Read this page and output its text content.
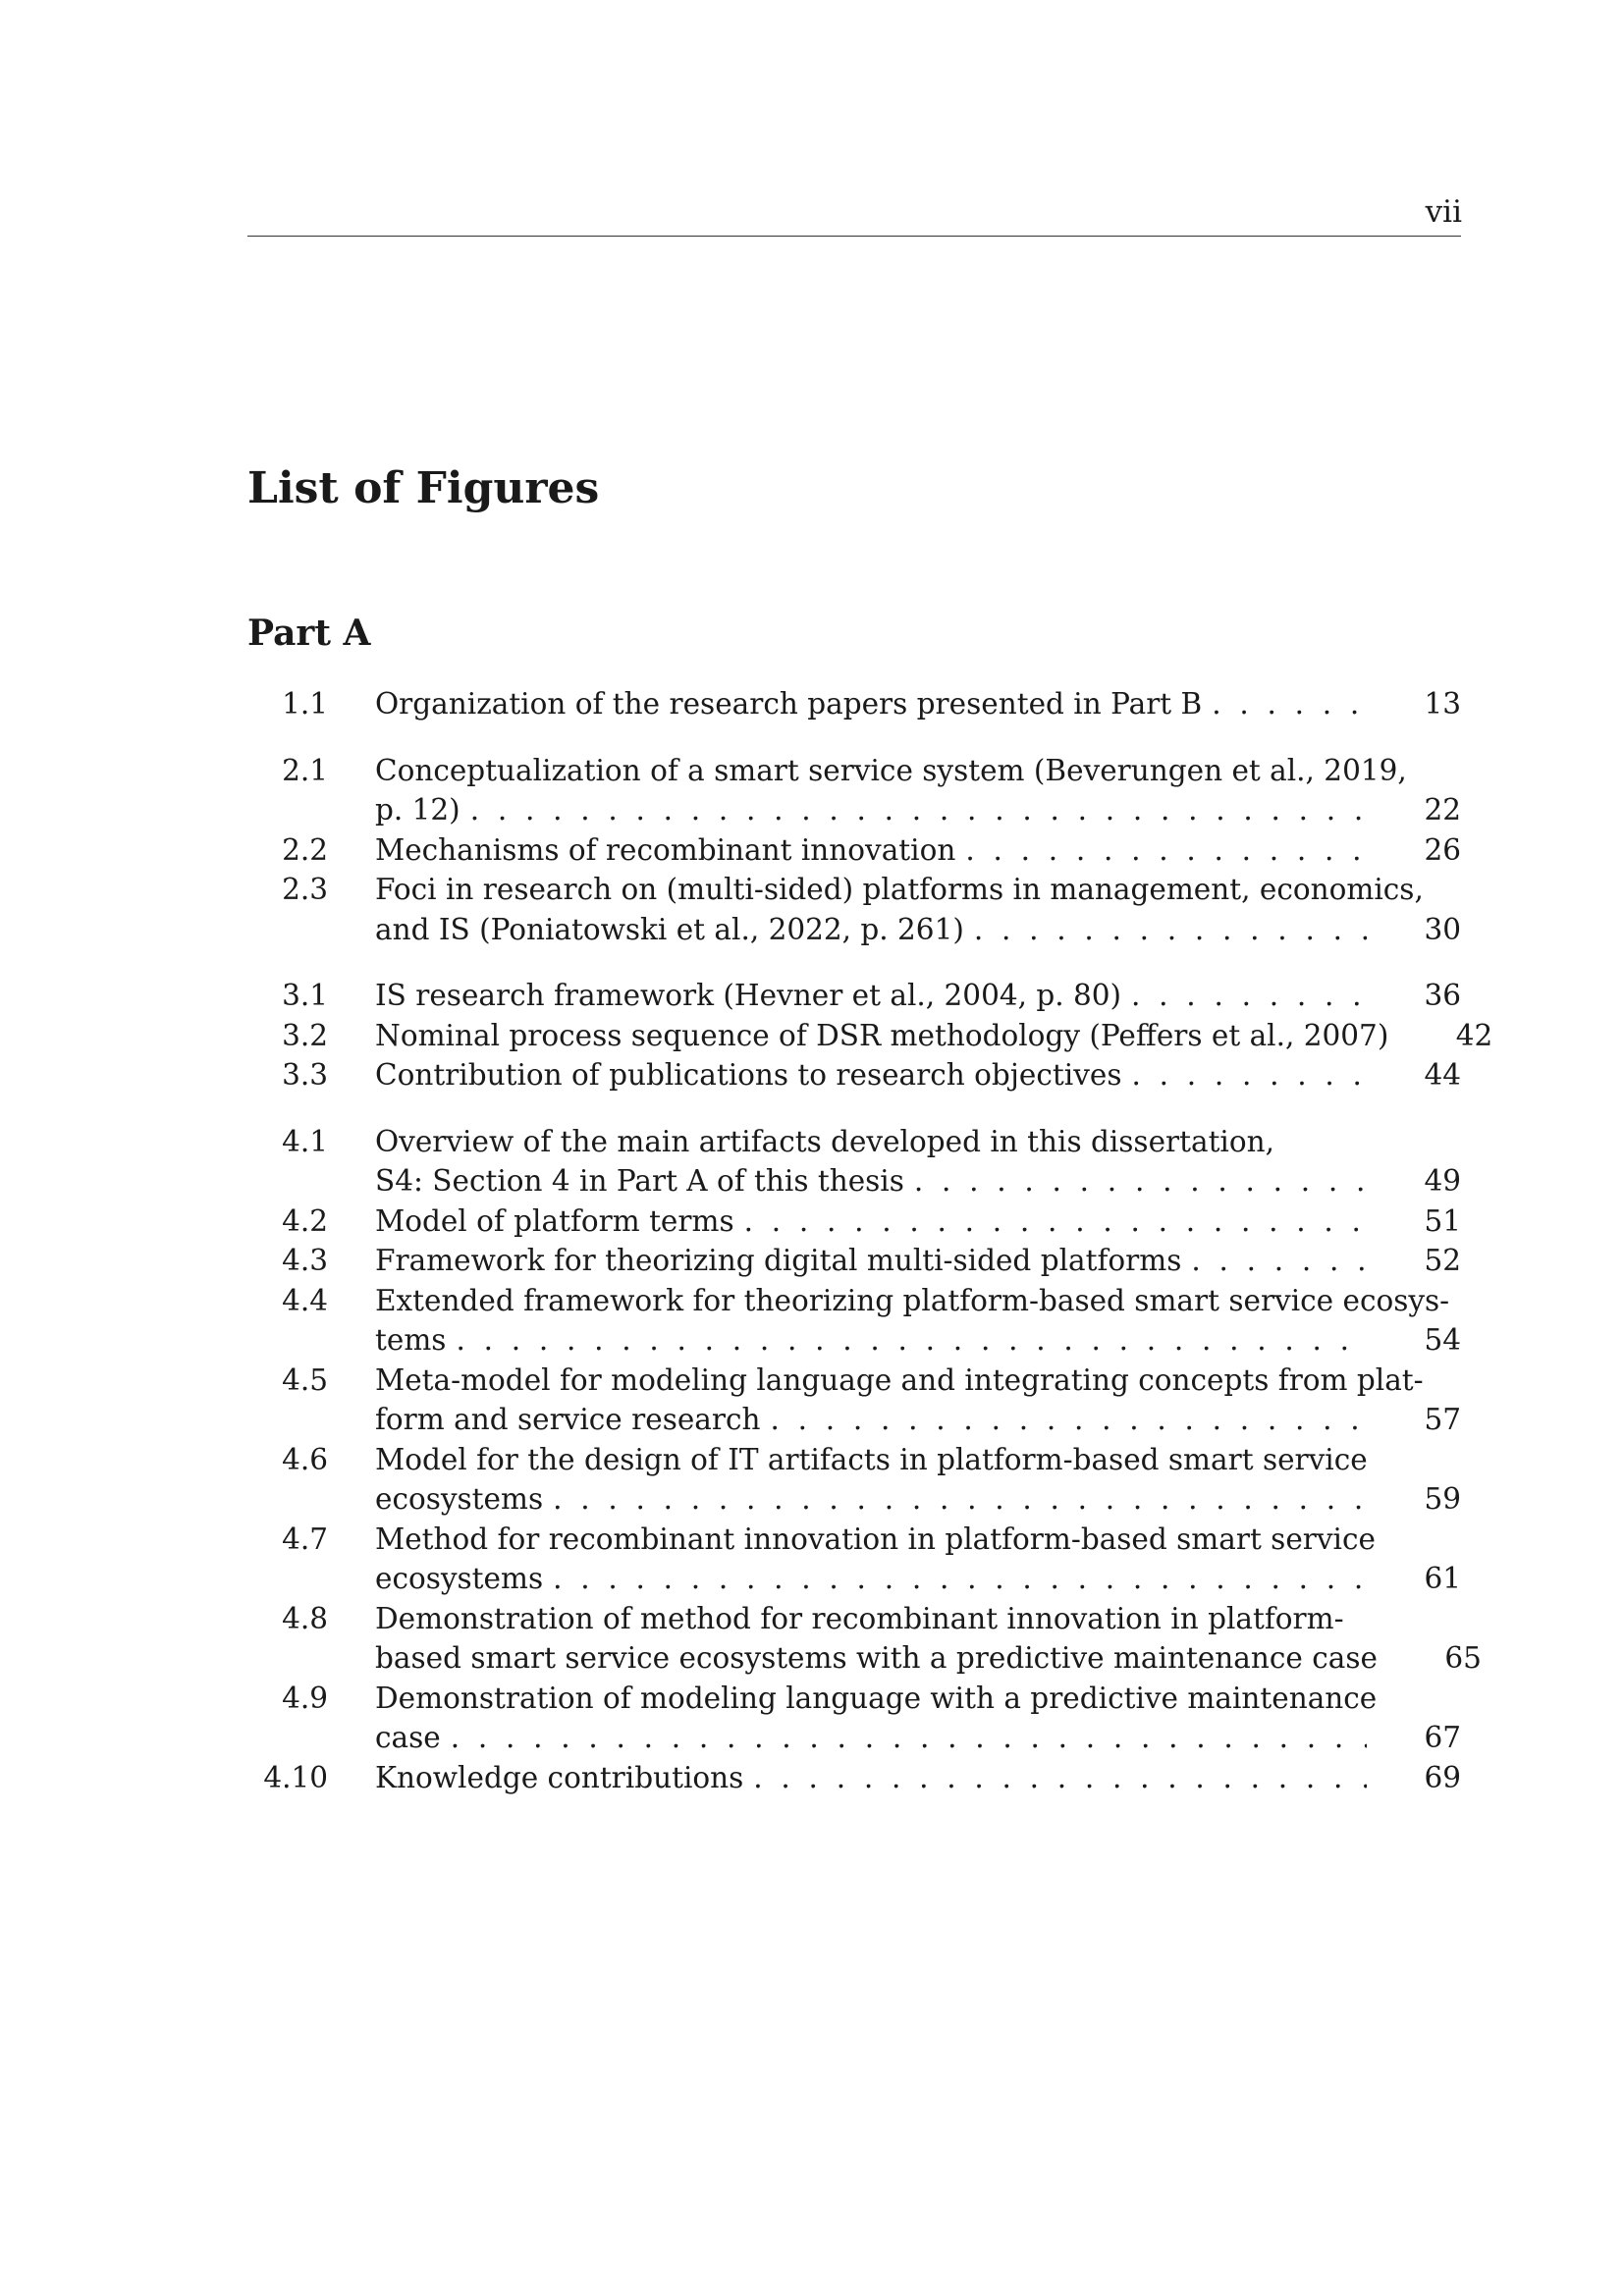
vii
List of Figures
Part A
1.1	Organization of the research papers presented in Part B .  .	13
2.1	Conceptualization of a smart service system (Beverungen et al., 2019,
p. 12) .  .	22
2.2	Mechanisms of recombinant innovation .  .	26
2.3	Foci in research on (multi-sided) platforms in management, economics,
and IS (Poniatowski et al., 2022, p. 261) .  .	30
3.1	IS research framework (Hevner et al., 2004, p. 80) .  .	36
3.2	Nominal process sequence of DSR methodology (Peffers et al., 2007)	42
3.3	Contribution of publications to research objectives .  .	44
4.1	Overview of the main artifacts developed in this dissertation,
S4: Section 4 in Part A of this thesis .  .	49
4.2	Model of platform terms .  .	51
4.3	Framework for theorizing digital multi-sided platforms .  .	52
4.4	Extended framework for theorizing platform-based smart service ecosys-
tems .  .	54
4.5	Meta-model for modeling language and integrating concepts from plat-
form and service research .  .	57
4.6	Model for the design of IT artifacts in platform-based smart service
ecosystems .  .	59
4.7	Method for recombinant innovation in platform-based smart service
ecosystems .  .	61
4.8	Demonstration of method for recombinant innovation in platform-
based smart service ecosystems with a predictive maintenance case	65
4.9	Demonstration of modeling language with a predictive maintenance
case .  .	67
4.10	Knowledge contributions .  .	69
